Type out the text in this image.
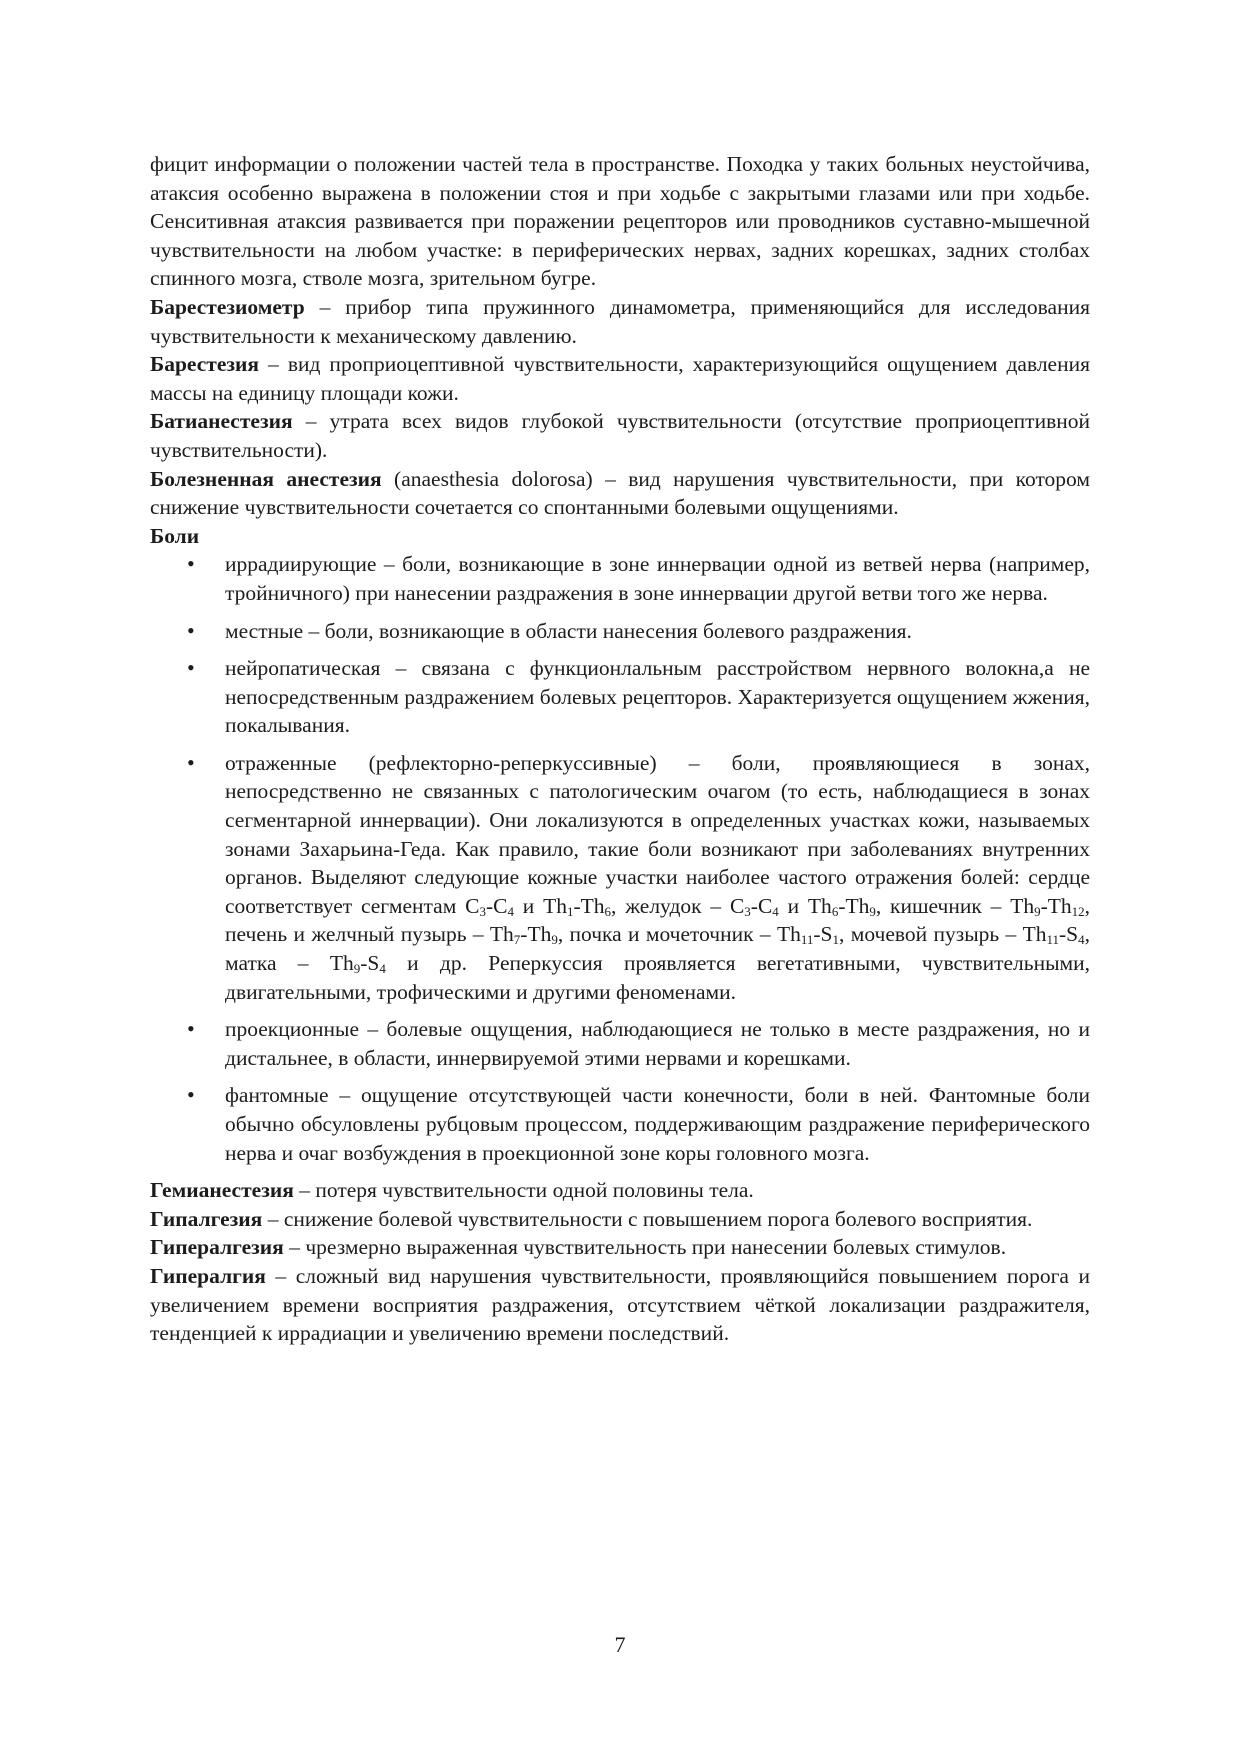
фицит информации о положении частей тела в пространстве. Походка у таких больных неустойчива, атаксия особенно выражена в положении стоя и при ходьбе с закрытыми глазами или при ходьбе. Сенситивная атаксия развивается при поражении рецепторов или проводников суставно-мышечной чувствительности на любом участке: в периферических нервах, задних корешках, задних столбах спинного мозга, стволе мозга, зрительном бугре.

Барестезиометр – прибор типа пружинного динамометра, применяющийся для исследования чувствительности к механическому давлению.

Барестезия – вид проприоцептивной чувствительности, характеризующийся ощущением давления массы на единицу площади кожи.

Батианестезия – утрата всех видов глубокой чувствительности (отсутствие проприоцептивной чувствительности).

Болезненная анестезия (anaesthesia dolorosa) – вид нарушения чувствительности, при котором снижение чувствительности сочетается со спонтанными болевыми ощущениями.

Боли

• иррадиирующие – боли, возникающие в зоне иннервации одной из ветвей нерва (например, тройничного) при нанесении раздражения в зоне иннервации другой ветви того же нерва.
• местные – боли, возникающие в области нанесения болевого раздражения.
• нейропатическая – связана с функционлальным расстройством нервного волокна,а не непосредственным раздражением болевых рецепторов. Характеризуется ощущением жжения, покалывания.
• отраженные (рефлекторно-реперкуссивные) – боли, проявляющиеся в зонах, непосредственно не связанных с патологическим очагом (то есть, наблюдащиеся в зонах сегментарной иннервации). Они локализуются в определенных участках кожи, называемых зонами Захарьина-Геда. Как правило, такие боли возникают при заболеваниях внутренних органов. Выделяют следующие кожные участки наиболее частого отражения болей: сердце соответствует сегментам $C_3-C_4$ и $Th_1-Th_6$, желудок – $C_3-C_4$ и $Th_6-Th_9$, кишечник – $Th_9-Th_{12}$, печень и желчный пузырь – $Th_7-Th_9$, почка и мочеточник – $Th_{11}-S_1$, мочевой пузырь – $Th_{11}-S_4$, матка – $Th_9-S_4$ и др. Реперкуссия проявляется вегетативными, чувствительными, двигательными, трофическими и другими феноменами.
• проекционные – болевые ощущения, наблюдающиеся не только в месте раздражения, но и дистальнее, в области, иннервируемой этими нервами и корешками.
• фантомные – ощущение отсутствующей части конечности, боли в ней. Фантомные боли обычно обсуловлены рубцовым процессом, поддерживающим раздражение периферического нерва и очаг возбуждения в проекционной зоне коры головного мозга.

Гемианестезия – потеря чувствительности одной половины тела.

Гипалгезия – снижение болевой чувствительности с повышением порога болевого восприятия.

Гипералгезия – чрезмерно выраженная чувствительность при нанесении болевых стимулов.

Гипералгия – сложный вид нарушения чувствительности, проявляющийся повышением порога и увеличением времени восприятия раздражения, отсутствием чёткой локализации раздражителя, тенденцией к иррадиации и увеличению времени последствий.

7
